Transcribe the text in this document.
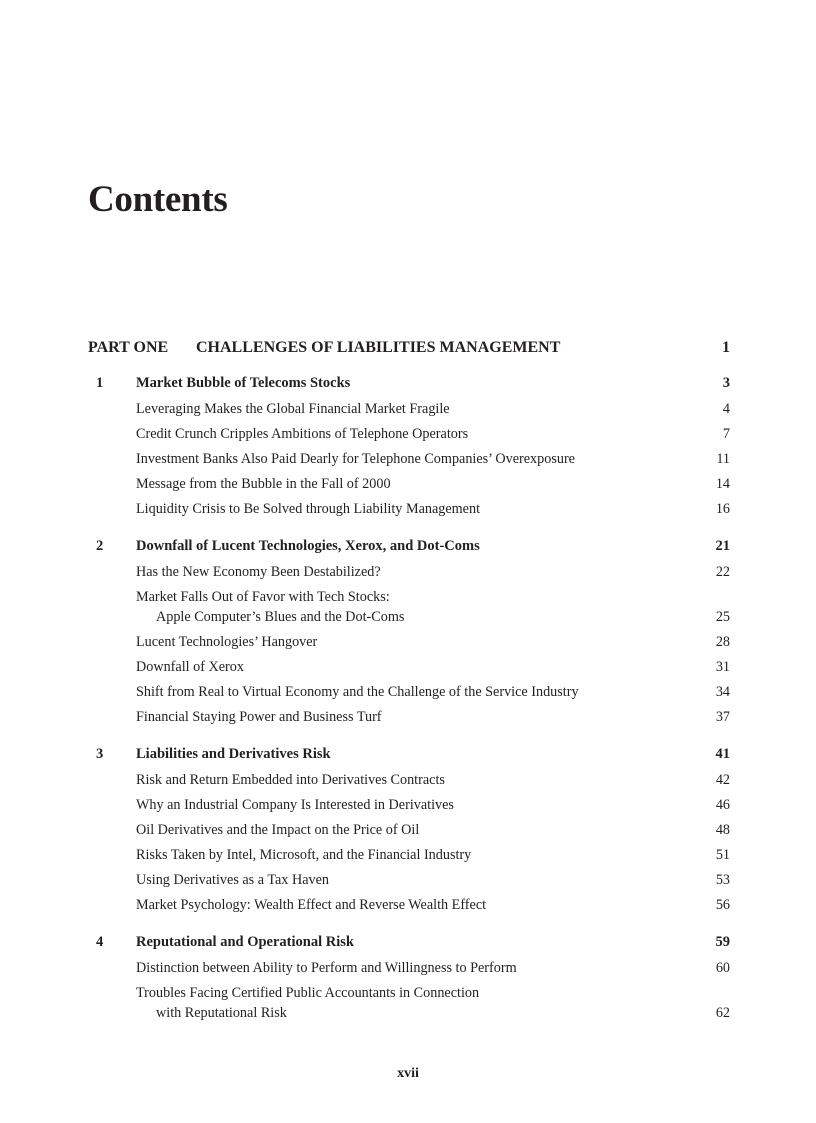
Contents
PART ONE CHALLENGES OF LIABILITIES MANAGEMENT	1
1 Market Bubble of Telecoms Stocks	3
Leveraging Makes the Global Financial Market Fragile	4
Credit Crunch Cripples Ambitions of Telephone Operators	7
Investment Banks Also Paid Dearly for Telephone Companies’ Overexposure	11
Message from the Bubble in the Fall of 2000	14
Liquidity Crisis to Be Solved through Liability Management	16
2 Downfall of Lucent Technologies, Xerox, and Dot-Coms	21
Has the New Economy Been Destabilized?	22
Market Falls Out of Favor with Tech Stocks:
Apple Computer’s Blues and the Dot-Coms	25
Lucent Technologies’ Hangover	28
Downfall of Xerox	31
Shift from Real to Virtual Economy and the Challenge of the Service Industry	34
Financial Staying Power and Business Turf	37
3 Liabilities and Derivatives Risk	41
Risk and Return Embedded into Derivatives Contracts	42
Why an Industrial Company Is Interested in Derivatives	46
Oil Derivatives and the Impact on the Price of Oil	48
Risks Taken by Intel, Microsoft, and the Financial Industry	51
Using Derivatives as a Tax Haven	53
Market Psychology: Wealth Effect and Reverse Wealth Effect	56
4 Reputational and Operational Risk	59
Distinction between Ability to Perform and Willingness to Perform	60
Troubles Facing Certified Public Accountants in Connection
with Reputational Risk	62
xvii
